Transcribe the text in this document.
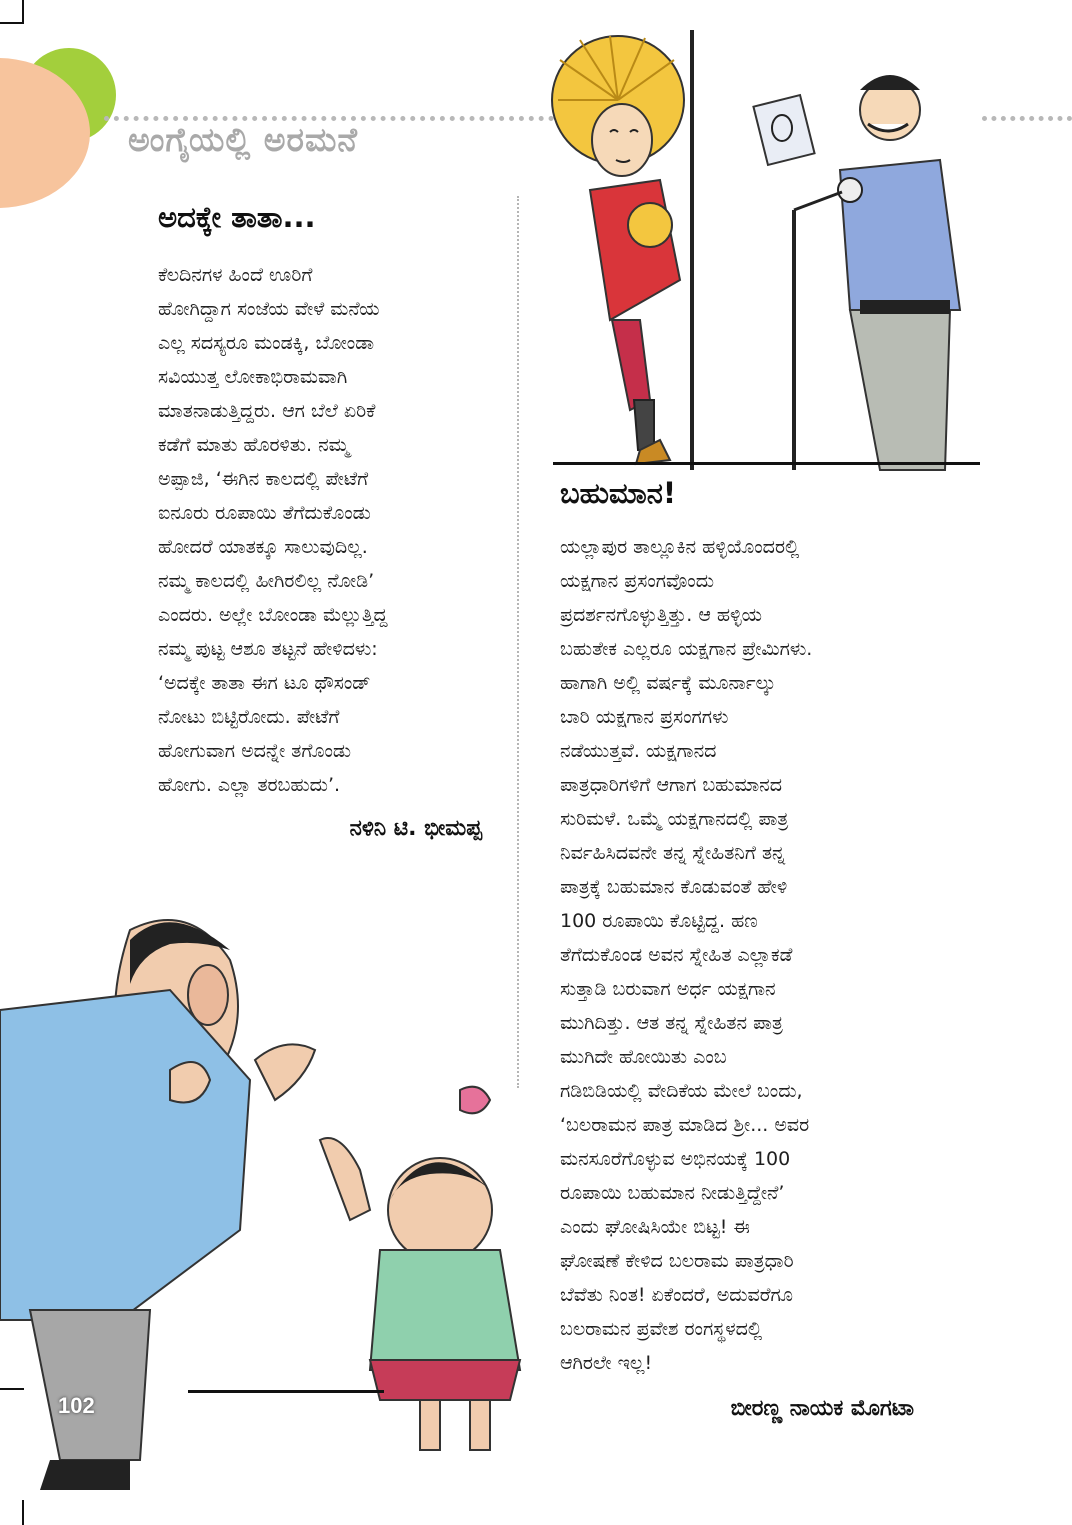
ಅಂಗೈಯಲ್ಲಿ ಅರಮನೆ
ಅದಕ್ಕೇ ತಾತಾ...
ಕೆಲದಿನಗಳ ಹಿಂದೆ ಊರಿಗೆ
ಹೋಗಿದ್ದಾಗ ಸಂಜೆಯ ವೇಳೆ ಮನೆಯ
ಎಲ್ಲ ಸದಸ್ಯರೂ ಮಂಡಕ್ಕಿ, ಬೋಂಡಾ
ಸವಿಯುತ್ತ ಲೋಕಾಭಿರಾಮವಾಗಿ
ಮಾತನಾಡುತ್ತಿದ್ದರು. ಆಗ ಬೆಲೆ ಏರಿಕೆ
ಕಡೆಗೆ ಮಾತು ಹೊರಳಿತು. ನಮ್ಮ
ಅಪ್ಪಾಜಿ, ‘ಈಗಿನ ಕಾಲದಲ್ಲಿ ಪೇಟೆಗೆ
ಐನೂರು ರೂಪಾಯಿ ತೆಗೆದುಕೊಂಡು
ಹೋದರೆ ಯಾತಕ್ಕೂ ಸಾಲುವುದಿಲ್ಲ.
ನಮ್ಮ ಕಾಲದಲ್ಲಿ ಹೀಗಿರಲಿಲ್ಲ ನೋಡಿ’
ಎಂದರು. ಅಲ್ಲೇ ಬೋಂಡಾ ಮೆಲ್ಲುತ್ತಿದ್ದ
ನಮ್ಮ ಪುಟ್ಟ ಆಶೂ ತಟ್ಟನೆ ಹೇಳಿದಳು:
‘ಅದಕ್ಕೇ ತಾತಾ ಈಗ ಟೂ ಥೌಸಂಡ್
ನೋಟು ಬಿಟ್ಟಿರೋದು. ಪೇಟೆಗೆ
ಹೋಗುವಾಗ ಅದನ್ನೇ ತಗೊಂಡು
ಹೋಗು. ಎಲ್ಲಾ ತರಬಹುದು’.
ನಳಿನಿ ಟಿ. ಭೀಮಪ್ಪ
ಬಹುಮಾನ!
ಯಲ್ಲಾಪುರ ತಾಲ್ಲೂಕಿನ ಹಳ್ಳಿಯೊಂದರಲ್ಲಿ
ಯಕ್ಷಗಾನ ಪ್ರಸಂಗವೊಂದು
ಪ್ರದರ್ಶನಗೊಳ್ಳುತ್ತಿತ್ತು. ಆ ಹಳ್ಳಿಯ
ಬಹುತೇಕ ಎಲ್ಲರೂ ಯಕ್ಷಗಾನ ಪ್ರೇಮಿಗಳು.
ಹಾಗಾಗಿ ಅಲ್ಲಿ ವರ್ಷಕ್ಕೆ ಮೂರ್ನಾಲ್ಕು
ಬಾರಿ ಯಕ್ಷಗಾನ ಪ್ರಸಂಗಗಳು
ನಡೆಯುತ್ತವೆ. ಯಕ್ಷಗಾನದ
ಪಾತ್ರಧಾರಿಗಳಿಗೆ ಆಗಾಗ ಬಹುಮಾನದ
ಸುರಿಮಳೆ. ಒಮ್ಮೆ ಯಕ್ಷಗಾನದಲ್ಲಿ ಪಾತ್ರ
ನಿರ್ವಹಿಸಿದವನೇ ತನ್ನ ಸ್ನೇಹಿತನಿಗೆ ತನ್ನ
ಪಾತ್ರಕ್ಕೆ ಬಹುಮಾನ ಕೊಡುವಂತೆ ಹೇಳಿ
100 ರೂಪಾಯಿ ಕೊಟ್ಟಿದ್ದ. ಹಣ
ತೆಗೆದುಕೊಂಡ ಅವನ ಸ್ನೇಹಿತ ಎಲ್ಲಾಕಡೆ
ಸುತ್ತಾಡಿ ಬರುವಾಗ ಅರ್ಧ ಯಕ್ಷಗಾನ
ಮುಗಿದಿತ್ತು. ಆತ ತನ್ನ ಸ್ನೇಹಿತನ ಪಾತ್ರ
ಮುಗಿದೇ ಹೋಯಿತು ಎಂಬ
ಗಡಿಬಿಡಿಯಲ್ಲಿ ವೇದಿಕೆಯ ಮೇಲೆ ಬಂದು,
‘ಬಲರಾಮನ ಪಾತ್ರ ಮಾಡಿದ ಶ್ರೀ... ಅವರ
ಮನಸೂರೆಗೊಳ್ಳುವ ಅಭಿನಯಕ್ಕೆ 100
ರೂಪಾಯಿ ಬಹುಮಾನ ನೀಡುತ್ತಿದ್ದೇನೆ’
ಎಂದು ಘೋಷಿಸಿಯೇ ಬಿಟ್ಟ! ಈ
ಘೋಷಣೆ ಕೇಳಿದ ಬಲರಾಮ ಪಾತ್ರಧಾರಿ
ಬೆವೆತು ನಿಂತ! ಏಕೆಂದರೆ, ಅದುವರೆಗೂ
ಬಲರಾಮನ ಪ್ರವೇಶ ರಂಗಸ್ಥಳದಲ್ಲಿ
ಆಗಿರಲೇ ಇಲ್ಲ!
ಬೀರಣ್ಣ ನಾಯಕ ಮೊಗಟಾ
102
